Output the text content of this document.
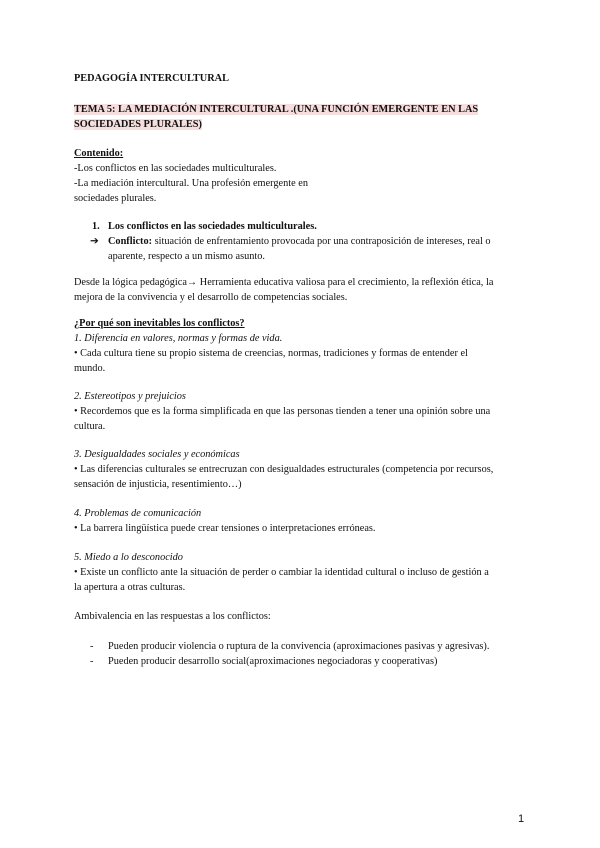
PEDAGOGÍA INTERCULTURAL
TEMA 5: LA MEDIACIÓN INTERCULTURAL .(UNA FUNCIÓN EMERGENTE EN LAS
SOCIEDADES PLURALES)
Contenido:
-Los conflictos en las sociedades multiculturales.
-La mediación intercultural. Una profesión emergente en
sociedades plurales.
1. Los conflictos en las sociedades multiculturales.
➔ Conflicto: situación de enfrentamiento provocada por una contraposición de intereses, real o
aparente, respecto a un mismo asunto.
Desde la lógica pedagógica→ Herramienta educativa valiosa para el crecimiento, la reflexión ética, la
mejora de la convivencia y el desarrollo de competencias sociales.
¿Por qué son inevitables los conflictos?
1. Diferencia en valores, normas y formas de vida.
• Cada cultura tiene su propio sistema de creencias, normas, tradiciones y formas de entender el
mundo.
2. Estereotipos y prejuicios
• Recordemos que es la forma simplificada en que las personas tienden a tener una opinión sobre una
cultura.
3. Desigualdades sociales y económicas
• Las diferencias culturales se entrecruzan con desigualdades estructurales (competencia por recursos,
sensación de injusticia, resentimiento…)
4. Problemas de comunicación
• La barrera lingüística puede crear tensiones o interpretaciones erróneas.
5. Miedo a lo desconocido
• Existe un conflicto ante la situación de perder o cambiar la identidad cultural o incluso de gestión a
la apertura a otras culturas.
Ambivalencia en las respuestas a los conflictos:
- Pueden producir violencia o ruptura de la convivencia (aproximaciones pasivas y agresivas).
- Pueden producir desarrollo social(aproximaciones negociadoras y cooperativas)
1
